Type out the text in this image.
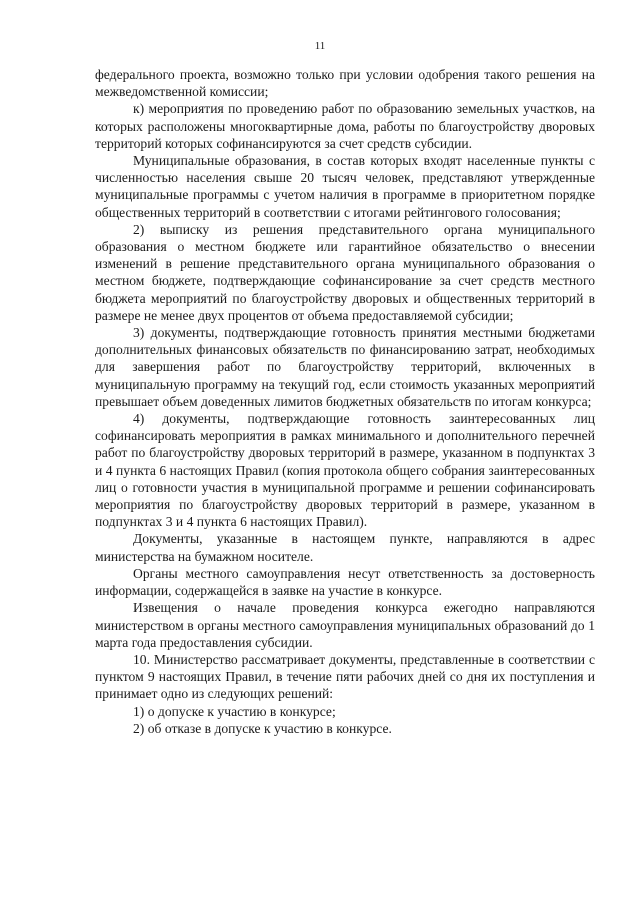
11

федерального проекта, возможно только при условии одобрения такого решения на межведомственной комиссии;

к) мероприятия по проведению работ по образованию земельных участков, на которых расположены многоквартирные дома, работы по благоустройству дворовых территорий которых софинансируются за счет средств субсидии.

Муниципальные образования, в состав которых входят населенные пункты с численностью населения свыше 20 тысяч человек, представляют утвержденные муниципальные программы с учетом наличия в программе в приоритетном порядке общественных территорий в соответствии с итогами рейтингового голосования;

2) выписку из решения представительного органа муниципального образования о местном бюджете или гарантийное обязательство о внесении изменений в решение представительного органа муниципального образования о местном бюджете, подтверждающие софинансирование за счет средств местного бюджета мероприятий по благоустройству дворовых и общественных территорий в размере не менее двух процентов от объема предоставляемой субсидии;

3) документы, подтверждающие готовность принятия местными бюджетами дополнительных финансовых обязательств по финансированию затрат, необходимых для завершения работ по благоустройству территорий, включенных в муниципальную программу на текущий год, если стоимость указанных мероприятий превышает объем доведенных лимитов бюджетных обязательств по итогам конкурса;

4) документы, подтверждающие готовность заинтересованных лиц софинансировать мероприятия в рамках минимального и дополнительного перечней работ по благоустройству дворовых территорий в размере, указанном в подпунктах 3 и 4 пункта 6 настоящих Правил (копия протокола общего собрания заинтересованных лиц о готовности участия в муниципальной программе и решении софинансировать мероприятия по благоустройству дворовых территорий в размере, указанном в подпунктах 3 и 4 пункта 6 настоящих Правил).

Документы, указанные в настоящем пункте, направляются в адрес министерства на бумажном носителе.

Органы местного самоуправления несут ответственность за достоверность информации, содержащейся в заявке на участие в конкурсе.

Извещения о начале проведения конкурса ежегодно направляются министерством в органы местного самоуправления муниципальных образований до 1 марта года предоставления субсидии.

10. Министерство рассматривает документы, представленные в соответствии с пунктом 9 настоящих Правил, в течение пяти рабочих дней со дня их поступления и принимает одно из следующих решений:

1) о допуске к участию в конкурсе;

2) об отказе в допуске к участию в конкурсе.
